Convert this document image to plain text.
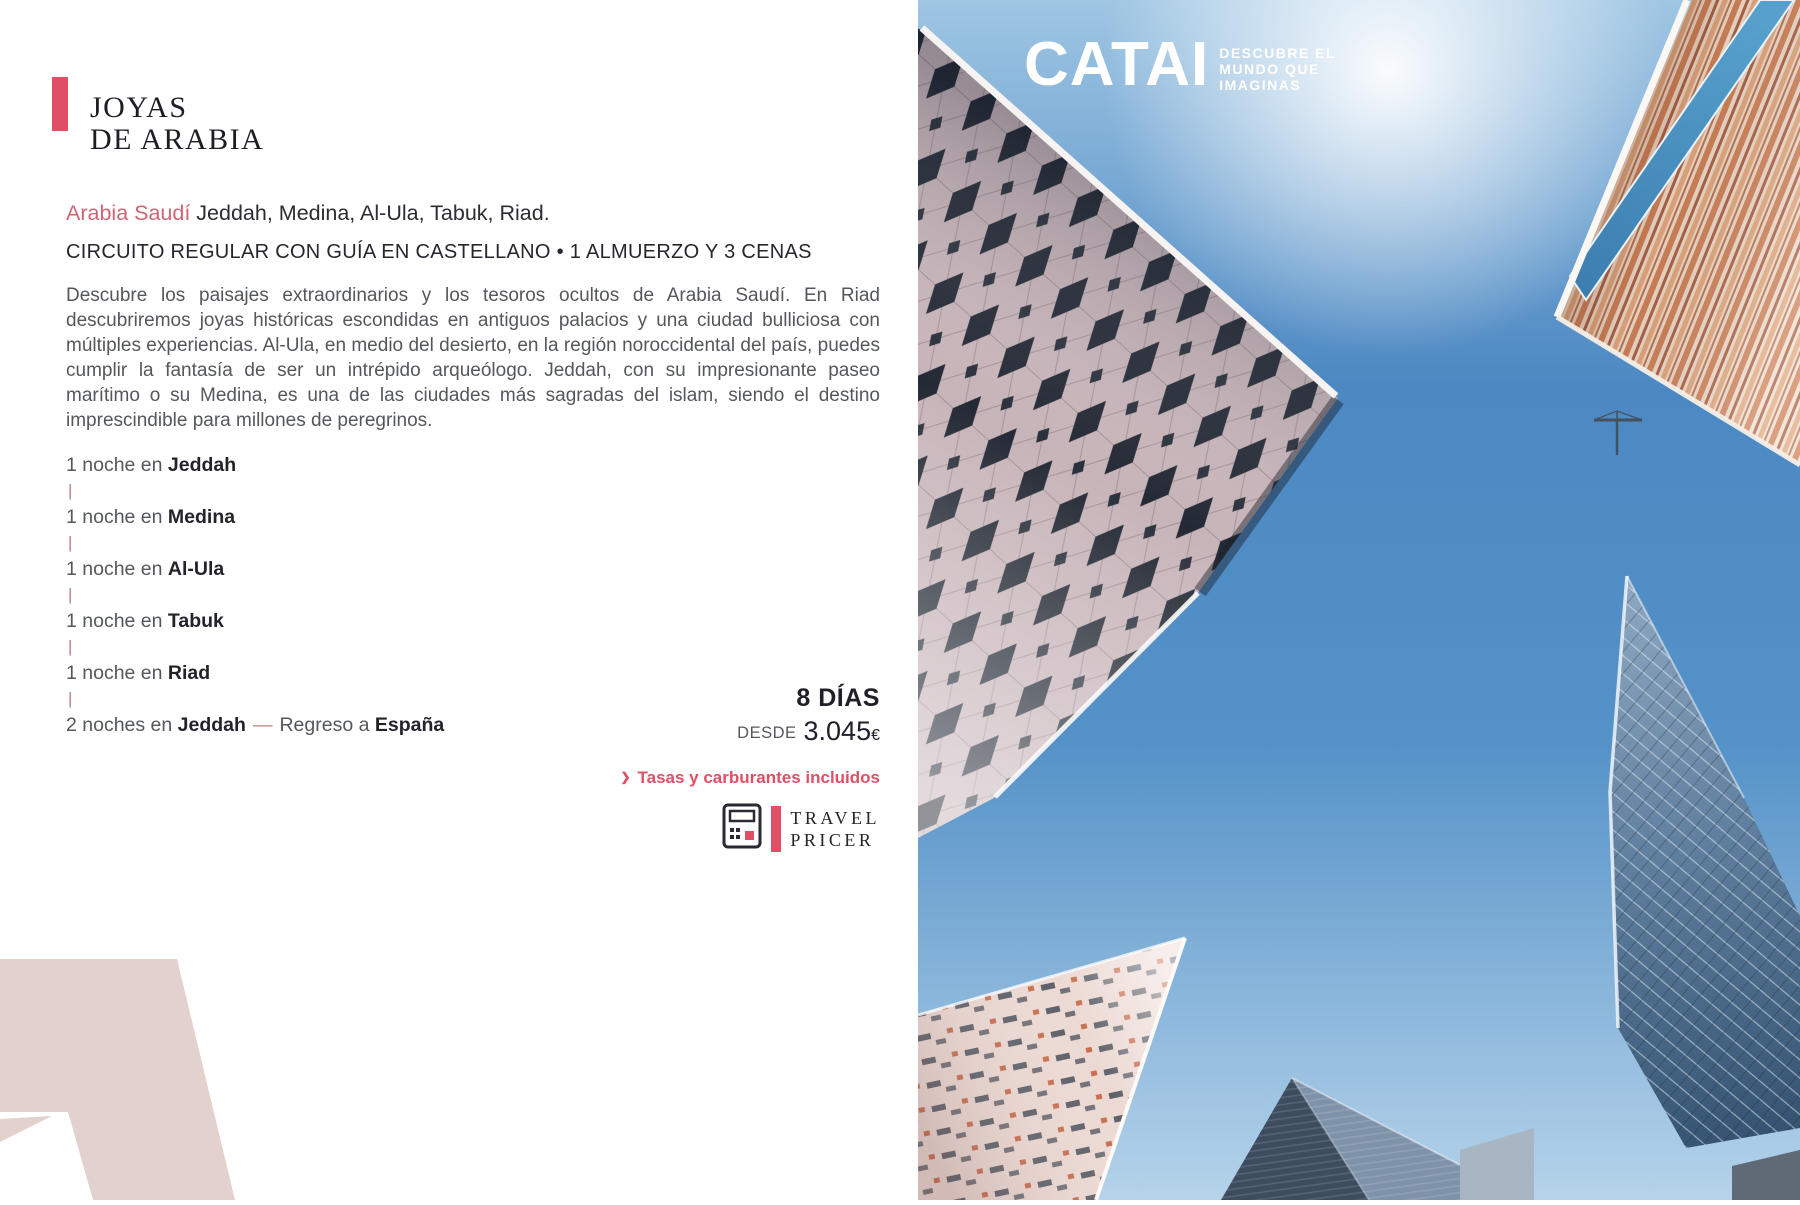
JOYAS
DE ARABIA

Arabia Saudí Jeddah, Medina, Al-Ula, Tabuk, Riad.

CIRCUITO REGULAR CON GUÍA EN CASTELLANO • 1 ALMUERZO Y 3 CENAS

Descubre los paisajes extraordinarios y los tesoros ocultos de Arabia Saudí. En Riad descubriremos joyas históricas escondidas en antiguos palacios y una ciudad bulliciosa con múltiples experiencias. Al-Ula, en medio del desierto, en la región noroccidental del país, puedes cumplir la fantasía de ser un intrépido arqueólogo. Jeddah, con su impresionante paseo marítimo o su Medina, es una de las ciudades más sagradas del islam, siendo el destino imprescindible para millones de peregrinos.

1 noche en Jeddah
|
1 noche en Medina
|
1 noche en Al-Ula
|
1 noche en Tabuk
|
1 noche en Riad
|
2 noches en Jeddah — Regreso a España
8 DÍAS
DESDE 3.045€
❯ Tasas y carburantes incluidos
TRAVEL
PRICER
CATAI DESCUBRE EL
MUNDO QUE
IMAGINAS
